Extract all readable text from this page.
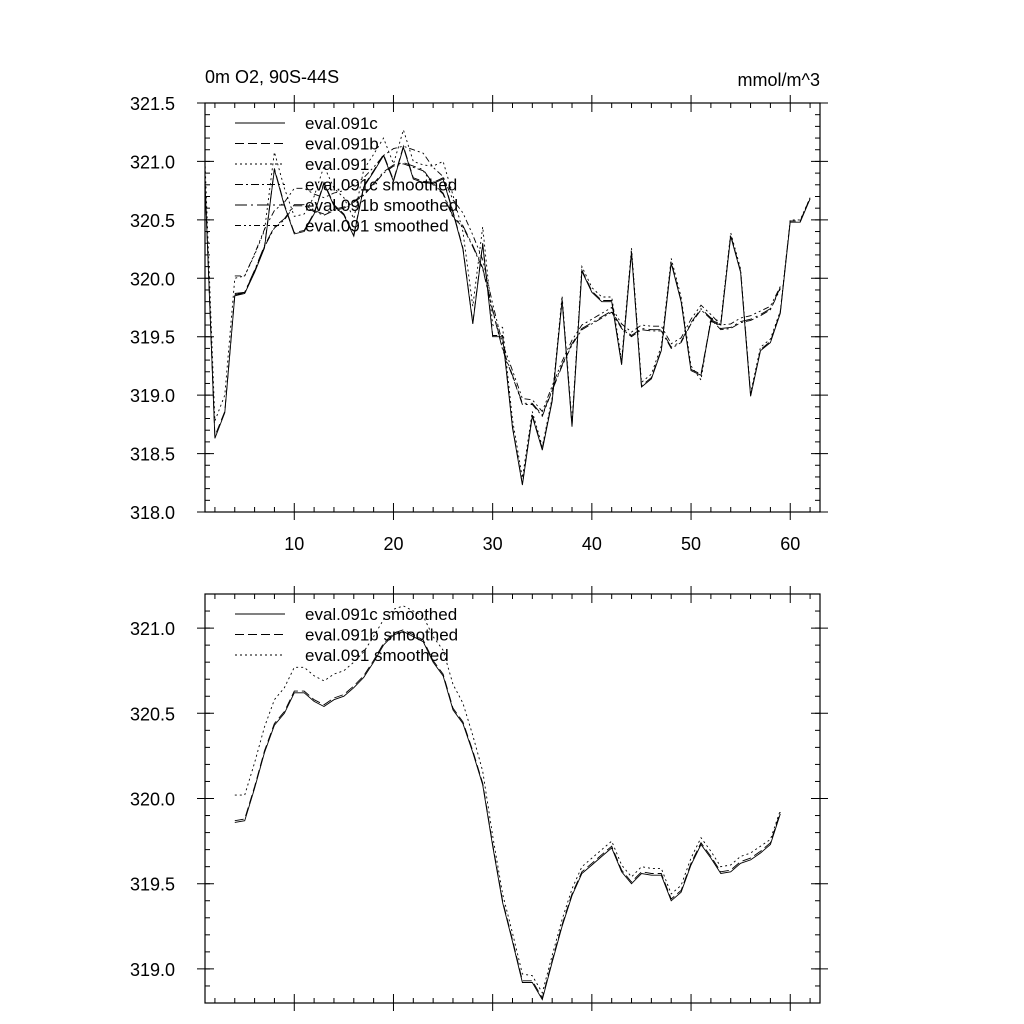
0m O2, 90S-44S	mmol/m^3
10	20	30	40	50	60
318.0
318.5
319.0
319.5
320.0
320.5
321.0
321.5
eval.091c
eval.091b
eval.091
eval.091c smoothed
eval.091b smoothed
eval.091 smoothed
319.0
319.5
320.0
320.5
321.0
eval.091c smoothed
eval.091b smoothed
eval.091 smoothed
